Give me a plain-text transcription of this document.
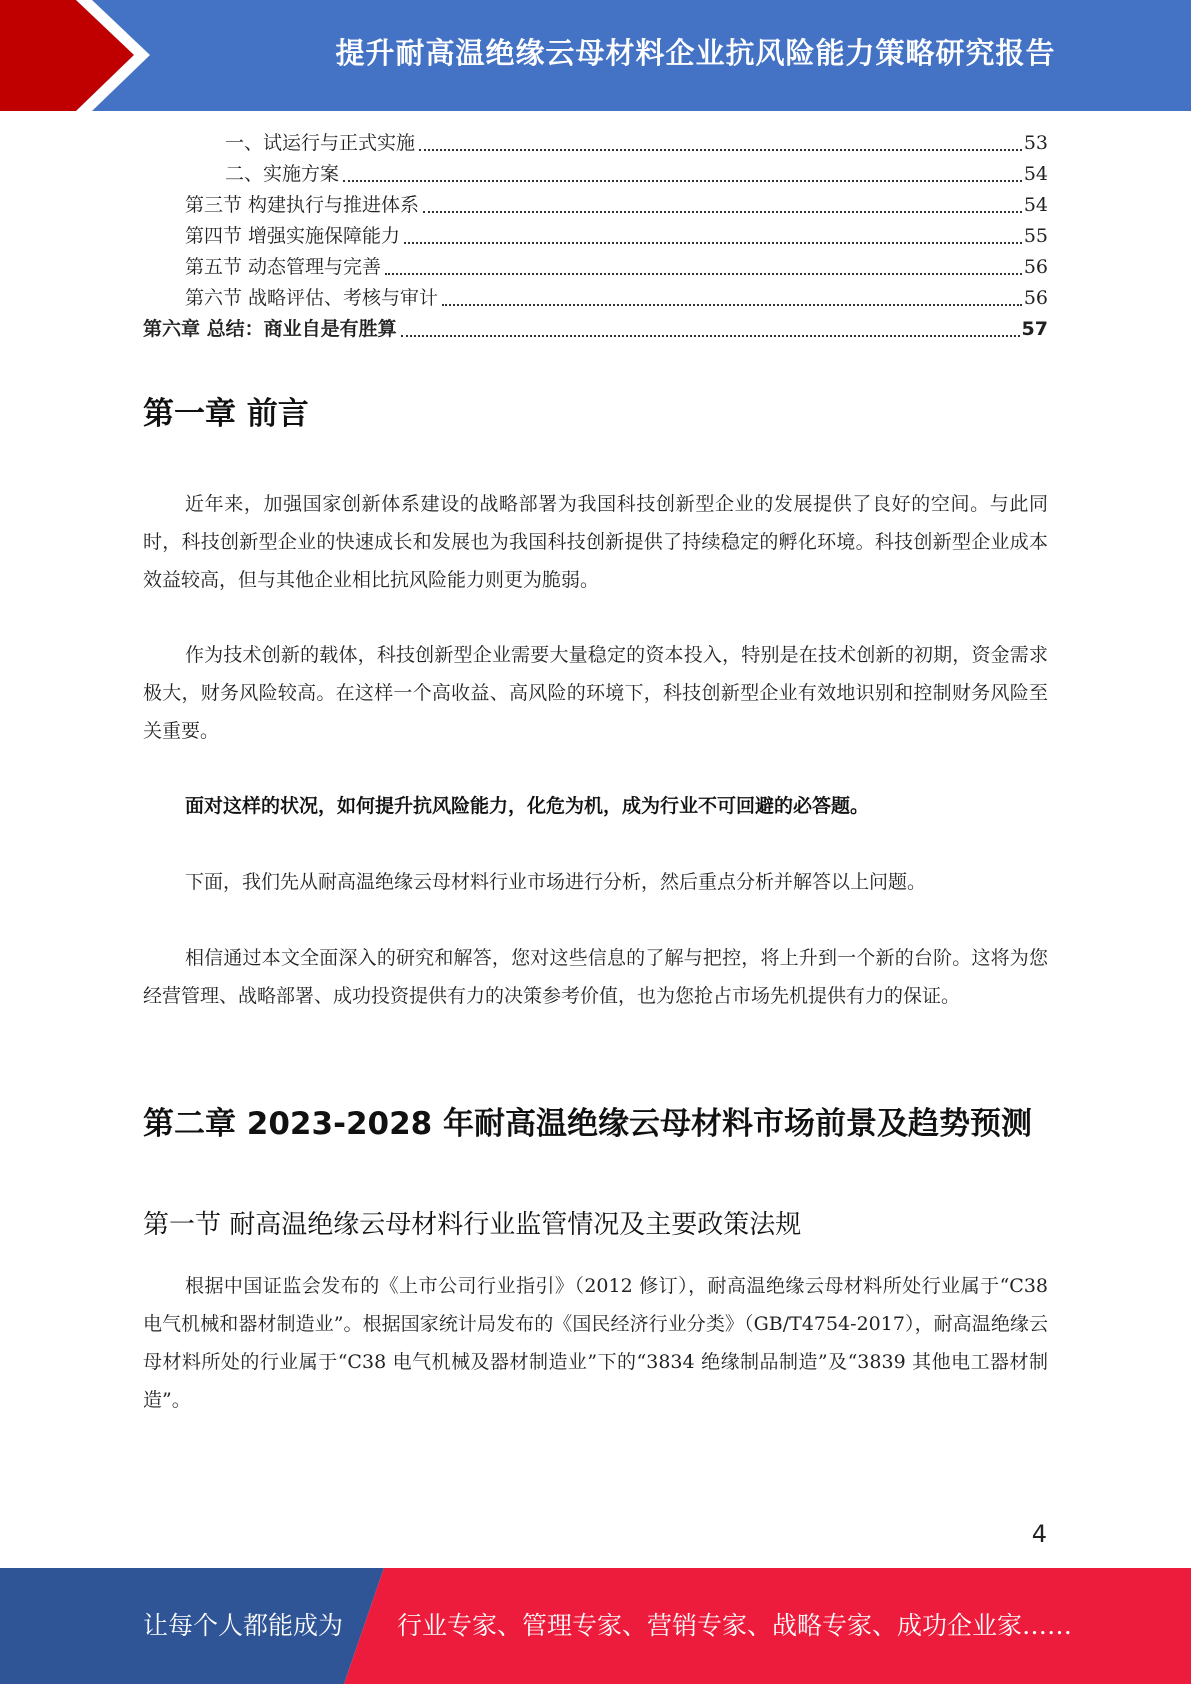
提升耐高温绝缘云母材料企业抗风险能力策略研究报告
一、试运行与正式实施	53
二、实施方案	54
第三节 构建执行与推进体系	54
第四节 增强实施保障能力	55
第五节 动态管理与完善	56
第六节 战略评估、考核与审计	56
第六章 总结：商业自是有胜算	57
第一章 前言

近年来，加强国家创新体系建设的战略部署为我国科技创新型企业的发展提供了良好的空间。与此同时，科技创新型企业的快速成长和发展也为我国科技创新提供了持续稳定的孵化环境。科技创新型企业成本效益较高，但与其他企业相比抗风险能力则更为脆弱。

作为技术创新的载体，科技创新型企业需要大量稳定的资本投入，特别是在技术创新的初期，资金需求极大，财务风险较高。在这样一个高收益、高风险的环境下，科技创新型企业有效地识别和控制财务风险至关重要。

面对这样的状况，如何提升抗风险能力，化危为机，成为行业不可回避的必答题。

下面，我们先从耐高温绝缘云母材料行业市场进行分析，然后重点分析并解答以上问题。

相信通过本文全面深入的研究和解答，您对这些信息的了解与把控，将上升到一个新的台阶。这将为您经营管理、战略部署、成功投资提供有力的决策参考价值，也为您抢占市场先机提供有力的保证。

第二章 2023-2028 年耐高温绝缘云母材料市场前景及趋势预测
第一节 耐高温绝缘云母材料行业监管情况及主要政策法规

根据中国证监会发布的《上市公司行业指引》（2012 修订），耐高温绝缘云母材料所处行业属于“C38 电气机械和器材制造业”。根据国家统计局发布的《国民经济行业分类》（GB/T4754-2017），耐高温绝缘云母材料所处的行业属于“C38 电气机械及器材制造业”下的“3834 绝缘制品制造”及“3839 其他电工器材制造”。

4
让每个人都能成为 行业专家、管理专家、营销专家、战略专家、成功企业家……
